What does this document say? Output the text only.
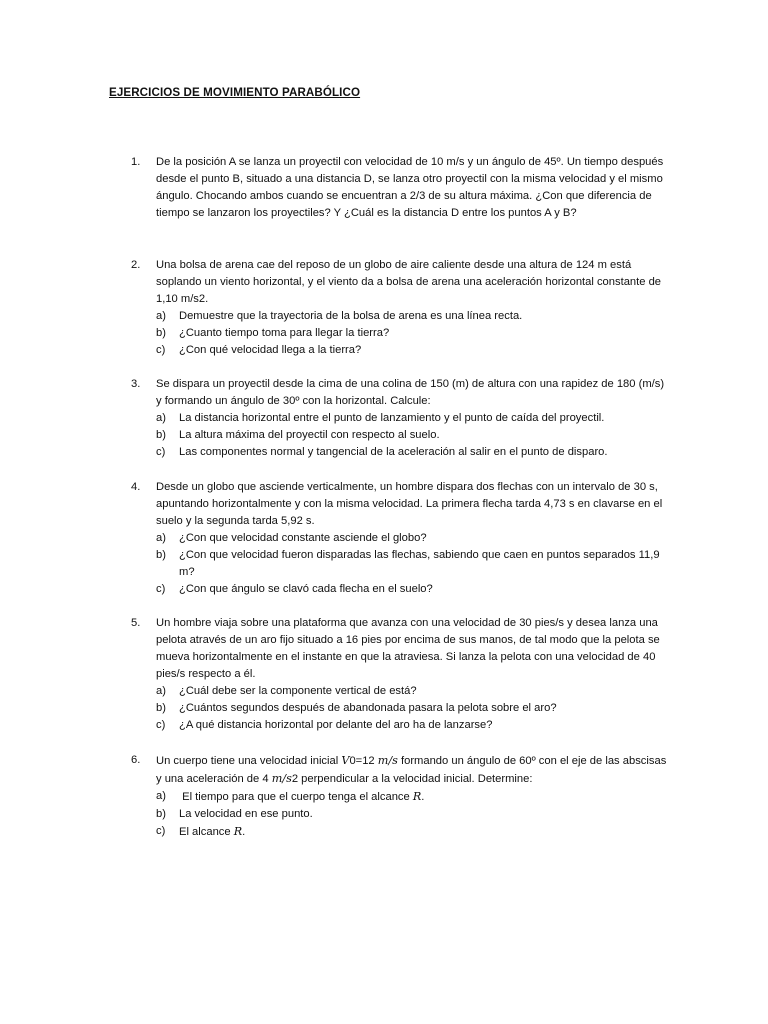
EJERCICIOS DE MOVIMIENTO PARABÓLICO
1.	De la posición A se lanza un proyectil con velocidad de 10 m/s y un ángulo de 45º. Un tiempo después desde el punto B, situado a una distancia D, se lanza otro proyectil con la misma velocidad y el mismo ángulo. Chocando ambos cuando se encuentran a 2/3 de su altura máxima. ¿Con que diferencia de tiempo se lanzaron los proyectiles? Y ¿Cuál es la distancia D entre los puntos A y B?
2.	Una bolsa de arena cae del reposo de un globo de aire caliente desde una altura de 124 m está soplando un viento horizontal, y el viento da a bolsa de arena una aceleración horizontal constante de 1,10 m/s2.
a)	Demuestre que la trayectoria de la bolsa de arena es una línea recta.
b)	¿Cuanto tiempo toma para llegar la tierra?
c)	¿Con qué velocidad llega a la tierra?
3.	Se dispara un proyectil desde la cima de una colina de 150 (m) de altura con una rapidez de 180 (m/s) y formando un ángulo de 30º con la horizontal. Calcule:
a)	La distancia horizontal entre el punto de lanzamiento y el punto de caída del proyectil.
b)	La altura máxima del proyectil con respecto al suelo.
c)	Las componentes normal y tangencial de la aceleración al salir en el punto de disparo.
4.	Desde un globo que asciende verticalmente, un hombre dispara dos flechas con un intervalo de 30 s, apuntando horizontalmente y con la misma velocidad. La primera flecha tarda 4,73 s en clavarse en el suelo y la segunda tarda 5,92 s.
a)	¿Con que velocidad constante asciende el globo?
b)	¿Con que velocidad fueron disparadas las flechas, sabiendo que caen en puntos separados 11,9 m?
c)	¿Con que ángulo se clavó cada flecha en el suelo?
5.	Un hombre viaja sobre una plataforma que avanza con una velocidad de 30 pies/s y desea lanza una pelota através de un aro fijo situado a 16 pies por encima de sus manos, de tal modo que la pelota se mueva horizontalmente en el instante en que la atraviesa. Si lanza la pelota con una velocidad de 40 pies/s respecto a él.
a)	¿Cuál debe ser la componente vertical de está?
b)	¿Cuántos segundos después de abandonada pasara la pelota sobre el aro?
c)	¿A qué distancia horizontal por delante del aro ha de lanzarse?
6.	Un cuerpo tiene una velocidad inicial V0=12 m/s formando un ángulo de 60º con el eje de las abscisas y una aceleración de 4 m/s2 perpendicular a la velocidad inicial. Determine:
a)	El tiempo para que el cuerpo tenga el alcance R.
b)	La velocidad en ese punto.
c)	El alcance R.
